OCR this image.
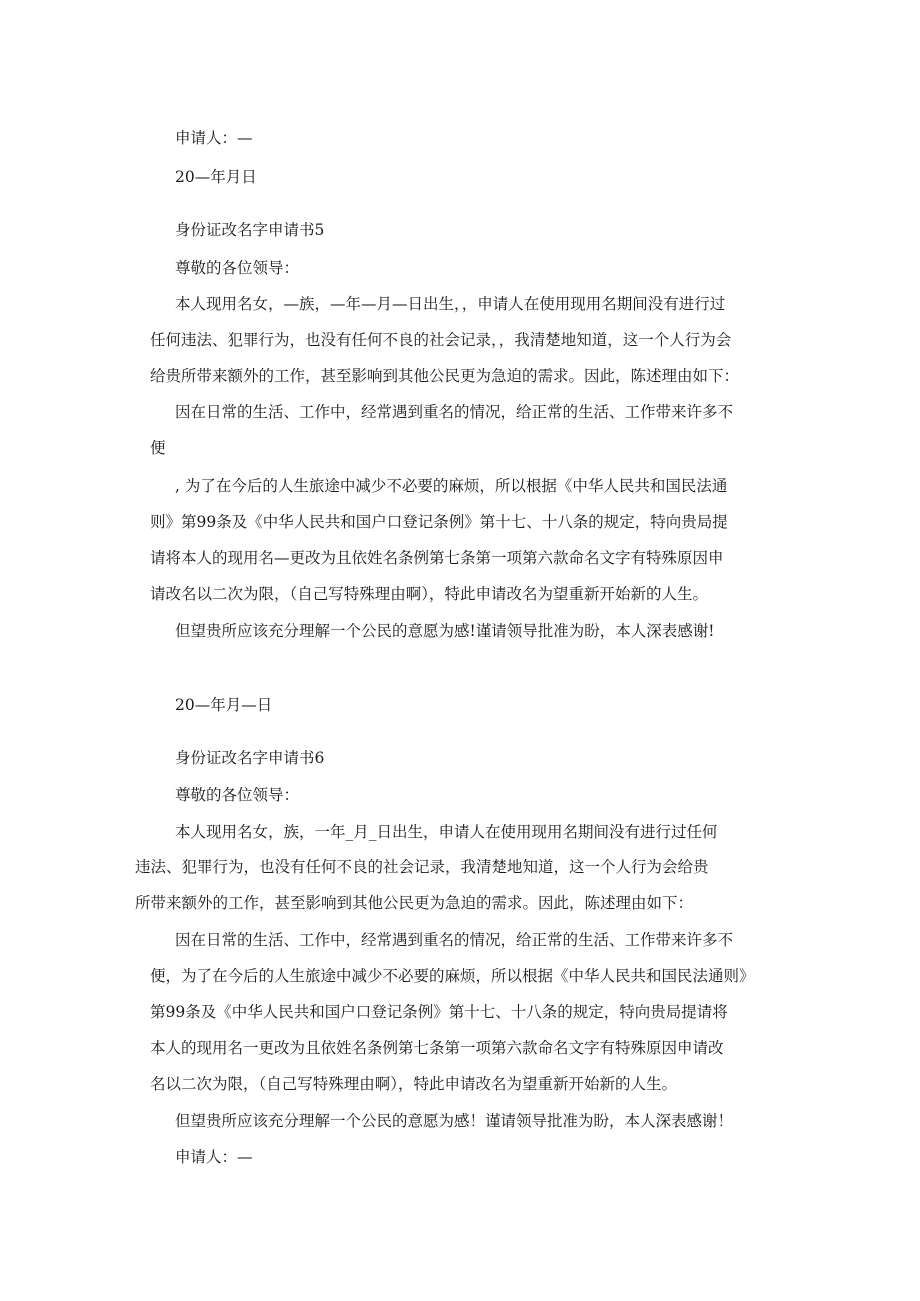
申请人：—
20—年月日
身份证改名字申请书5
尊敬的各位领导：
本人现用名女，—族，—年—月—日出生，，申请人在使用现用名期间没有进行过
任何违法、犯罪行为，也没有任何不良的社会记录，，我清楚地知道，这一个人行为会
给贵所带来额外的工作，甚至影响到其他公民更为急迫的需求。因此，陈述理由如下：
因在日常的生活、工作中，经常遇到重名的情况，给正常的生活、工作带来许多不
便
, 为了在今后的人生旅途中减少不必要的麻烦，所以根据《中华人民共和国民法通
则》第99条及《中华人民共和国户口登记条例》第十七、十八条的规定，特向贵局提
请将本人的现用名—更改为且依姓名条例第七条第一项第六款命名文字有特殊原因申
请改名以二次为限，（自己写特殊理由啊），特此申请改名为望重新开始新的人生。
但望贵所应该充分理解一个公民的意愿为感!谨请领导批准为盼，本人深表感谢!
20—年月—日
身份证改名字申请书6
尊敬的各位领导：
本人现用名女，族，一年_月_日出生，申请人在使用现用名期间没有进行过任何
违法、犯罪行为，也没有任何不良的社会记录，我清楚地知道，这一个人行为会给贵
所带来额外的工作，甚至影响到其他公民更为急迫的需求。因此，陈述理由如下：
因在日常的生活、工作中，经常遇到重名的情况，给正常的生活、工作带来许多不
便，为了在今后的人生旅途中减少不必要的麻烦，所以根据《中华人民共和国民法通则》
第99条及《中华人民共和国户口登记条例》第十七、十八条的规定，特向贵局提请将
本人的现用名一更改为且依姓名条例第七条第一项第六款命名文字有特殊原因申请改
名以二次为限，（自己写特殊理由啊），特此申请改名为望重新开始新的人生。
但望贵所应该充分理解一个公民的意愿为感！谨请领导批准为盼，本人深表感谢！
申请人：—
